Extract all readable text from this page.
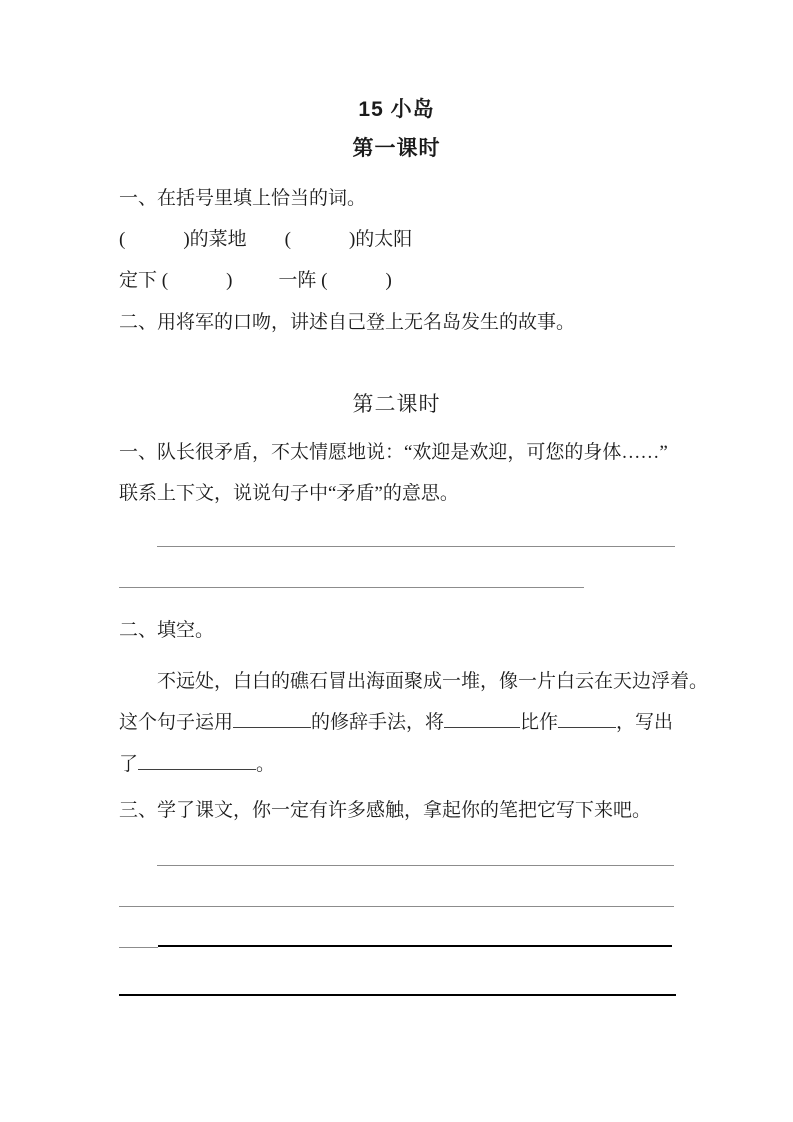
15 小岛
第一课时
一、在括号里填上恰当的词。
(	)的菜地 (	)的太阳
定下 (	) 一阵 (	)
二、用将军的口吻，讲述自己登上无名岛发生的故事。
第二课时
一、队长很矛盾，不太情愿地说：“欢迎是欢迎，可您的身体……”
联系上下文，说说句子中“矛盾”的意思。
二、填空。
不远处，白白的礁石冒出海面聚成一堆，像一片白云在天边浮着。
这个句子运用	的修辞手法，将	比作	，写出
了	。
三、学了课文，你一定有许多感触，拿起你的笔把它写下来吧。
